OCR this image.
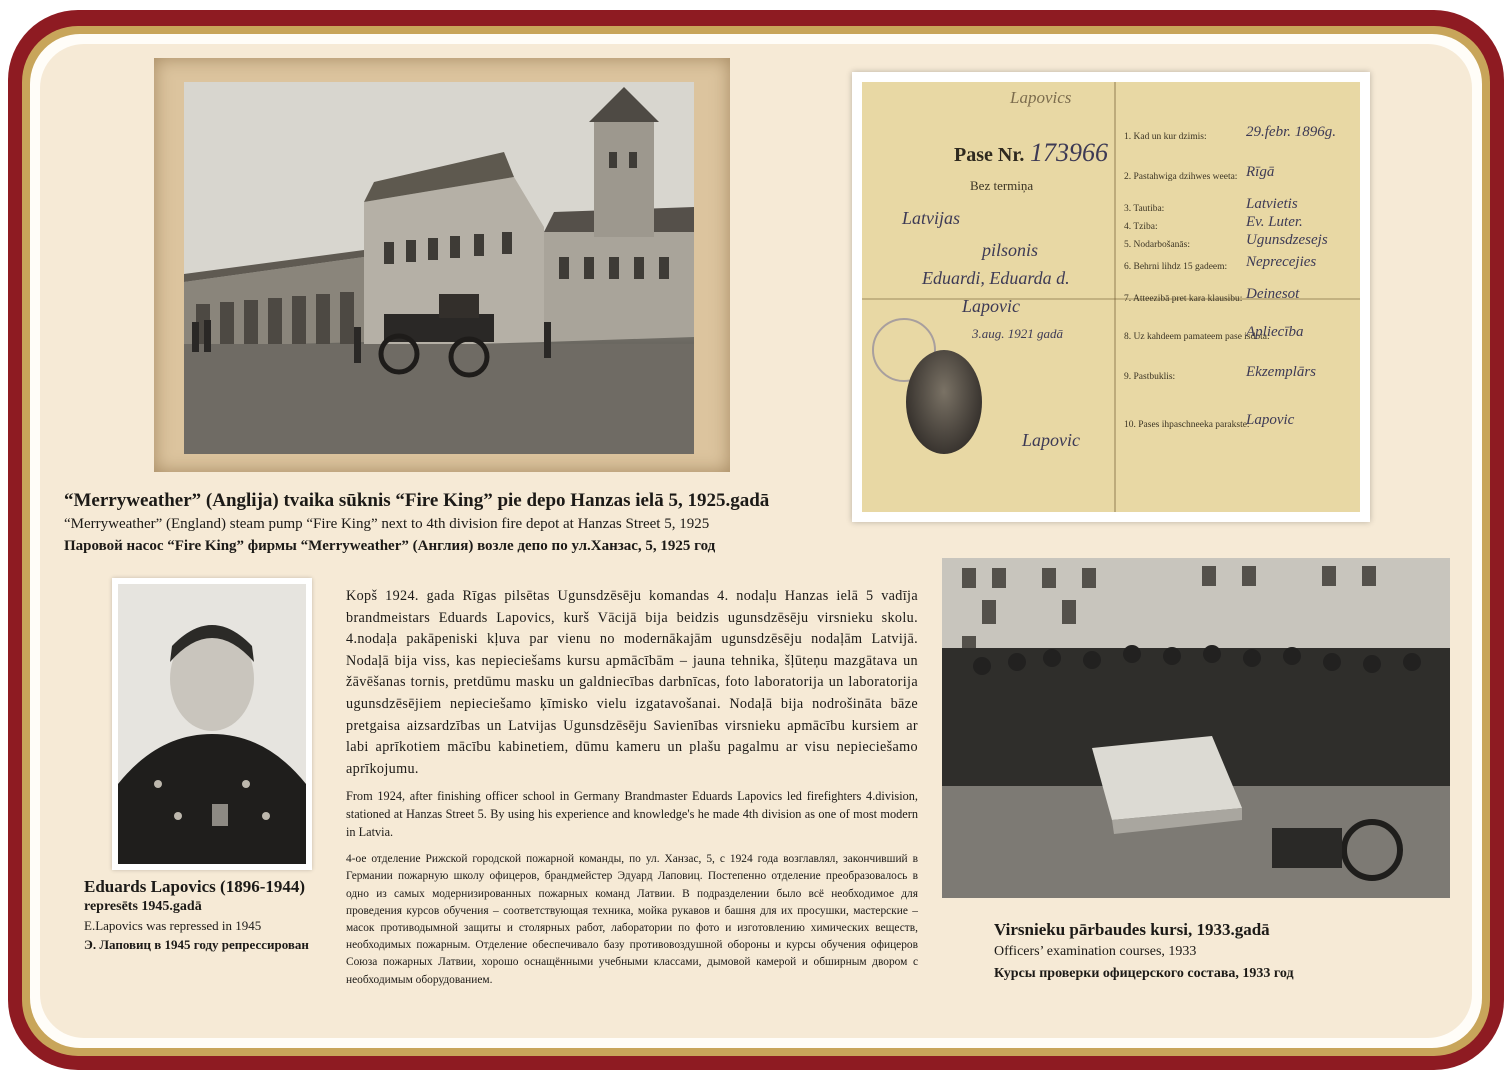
Lapovics
Pase Nr. 173966
Bez termiņa
Latvijas
pilsonis
Eduardi, Eduarda d.
Lapovic
3.aug. 1921 gadā
Lapovic
1. Kad un kur dzimis:	29.febr. 1896g.
2. Pastahwiga dzihwes weeta: Rīgā
3. Tautiba:	Latvietis
4. Tziba:	Ev. Luter.
5. Nodarbošanās:	Ugunsdzesejs
6. Behrni lihdz 15 gadeem: Neprecejies
7. Atteezibā pret kara klausibu: Deinesot
8. Uz kahdeem pamateem pase isdota:
Apliecība
9. Pastbuklis:	Ekzemplārs
10. Pases ihpaschneeka parakste:
Lapovic
“Merryweather” (Anglija) tvaika sūknis “Fire King” pie depo Hanzas ielā 5, 1925.gadā
“Merryweather” (England) steam pump “Fire King” next to 4th division fire depot at Hanzas Street 5, 1925
Паровой насос “Fire King” фирмы “Merryweather” (Англия) возле депо по ул.Ханзас, 5, 1925 год
Eduards Lapovics (1896-1944)
represēts 1945.gadā
E.Lapovics was repressed in 1945
Э. Лаповиц в 1945 году репрессирован
Virsnieku pārbaudes kursi, 1933.gadā
Officers’ examination courses, 1933
Курсы проверки офицерского состава, 1933 год

Kopš 1924. gada Rīgas pilsētas Ugunsdzēsēju komandas 4. nodaļu Hanzas ielā 5 vadīja brandmeistars Eduards Lapovics, kurš Vācijā bija beidzis ugunsdzēsēju virsnieku skolu. 4.nodaļa pakāpeniski kļuva par vienu no modernākajām ugunsdzēsēju nodaļām Latvijā. Nodaļā bija viss, kas nepieciešams kursu apmācībām – jauna tehnika, šļūteņu mazgātava un žāvēšanas tornis, pretdūmu masku un galdniecības darbnīcas, foto laboratorija un laboratorija ugunsdzēsējiem nepieciešamo ķīmisko vielu izgatavošanai. Nodaļā bija nodrošināta bāze pretgaisa aizsardzības un Latvijas Ugunsdzēsēju Savienības virsnieku apmācību kursiem ar labi aprīkotiem mācību kabinetiem, dūmu kameru un plašu pagalmu ar visu nepieciešamo aprīkojumu.

From 1924, after finishing officer school in Germany Brandmaster Eduards Lapovics led firefighters 4.division, stationed at Hanzas Street 5. By using his experience and knowledge's he made 4th division as one of most modern in Latvia.

4-ое отделение Рижской городской пожарной команды, по ул. Ханзас, 5, с 1924 года возглавлял, закончивший в Германии пожарную школу офицеров, брандмейстер Эдуард Лаповиц. Постепенно отделение преобразовалось в одно из самых модернизированных пожарных команд Латвии. В подразделении было всё необходимое для проведения курсов обучения – соответствующая техника, мойка рукавов и башня для их просушки, мастерские – масок противодымной защиты и столярных работ, лаборатории по фото и изготовлению химических веществ, необходимых пожарным. Отделение обеспечивало базу противовоздушной обороны и курсы обучения офицеров Союза пожарных Латвии, хорошо оснащёнными учебными классами, дымовой камерой и обширным двором с необходимым оборудованием.
